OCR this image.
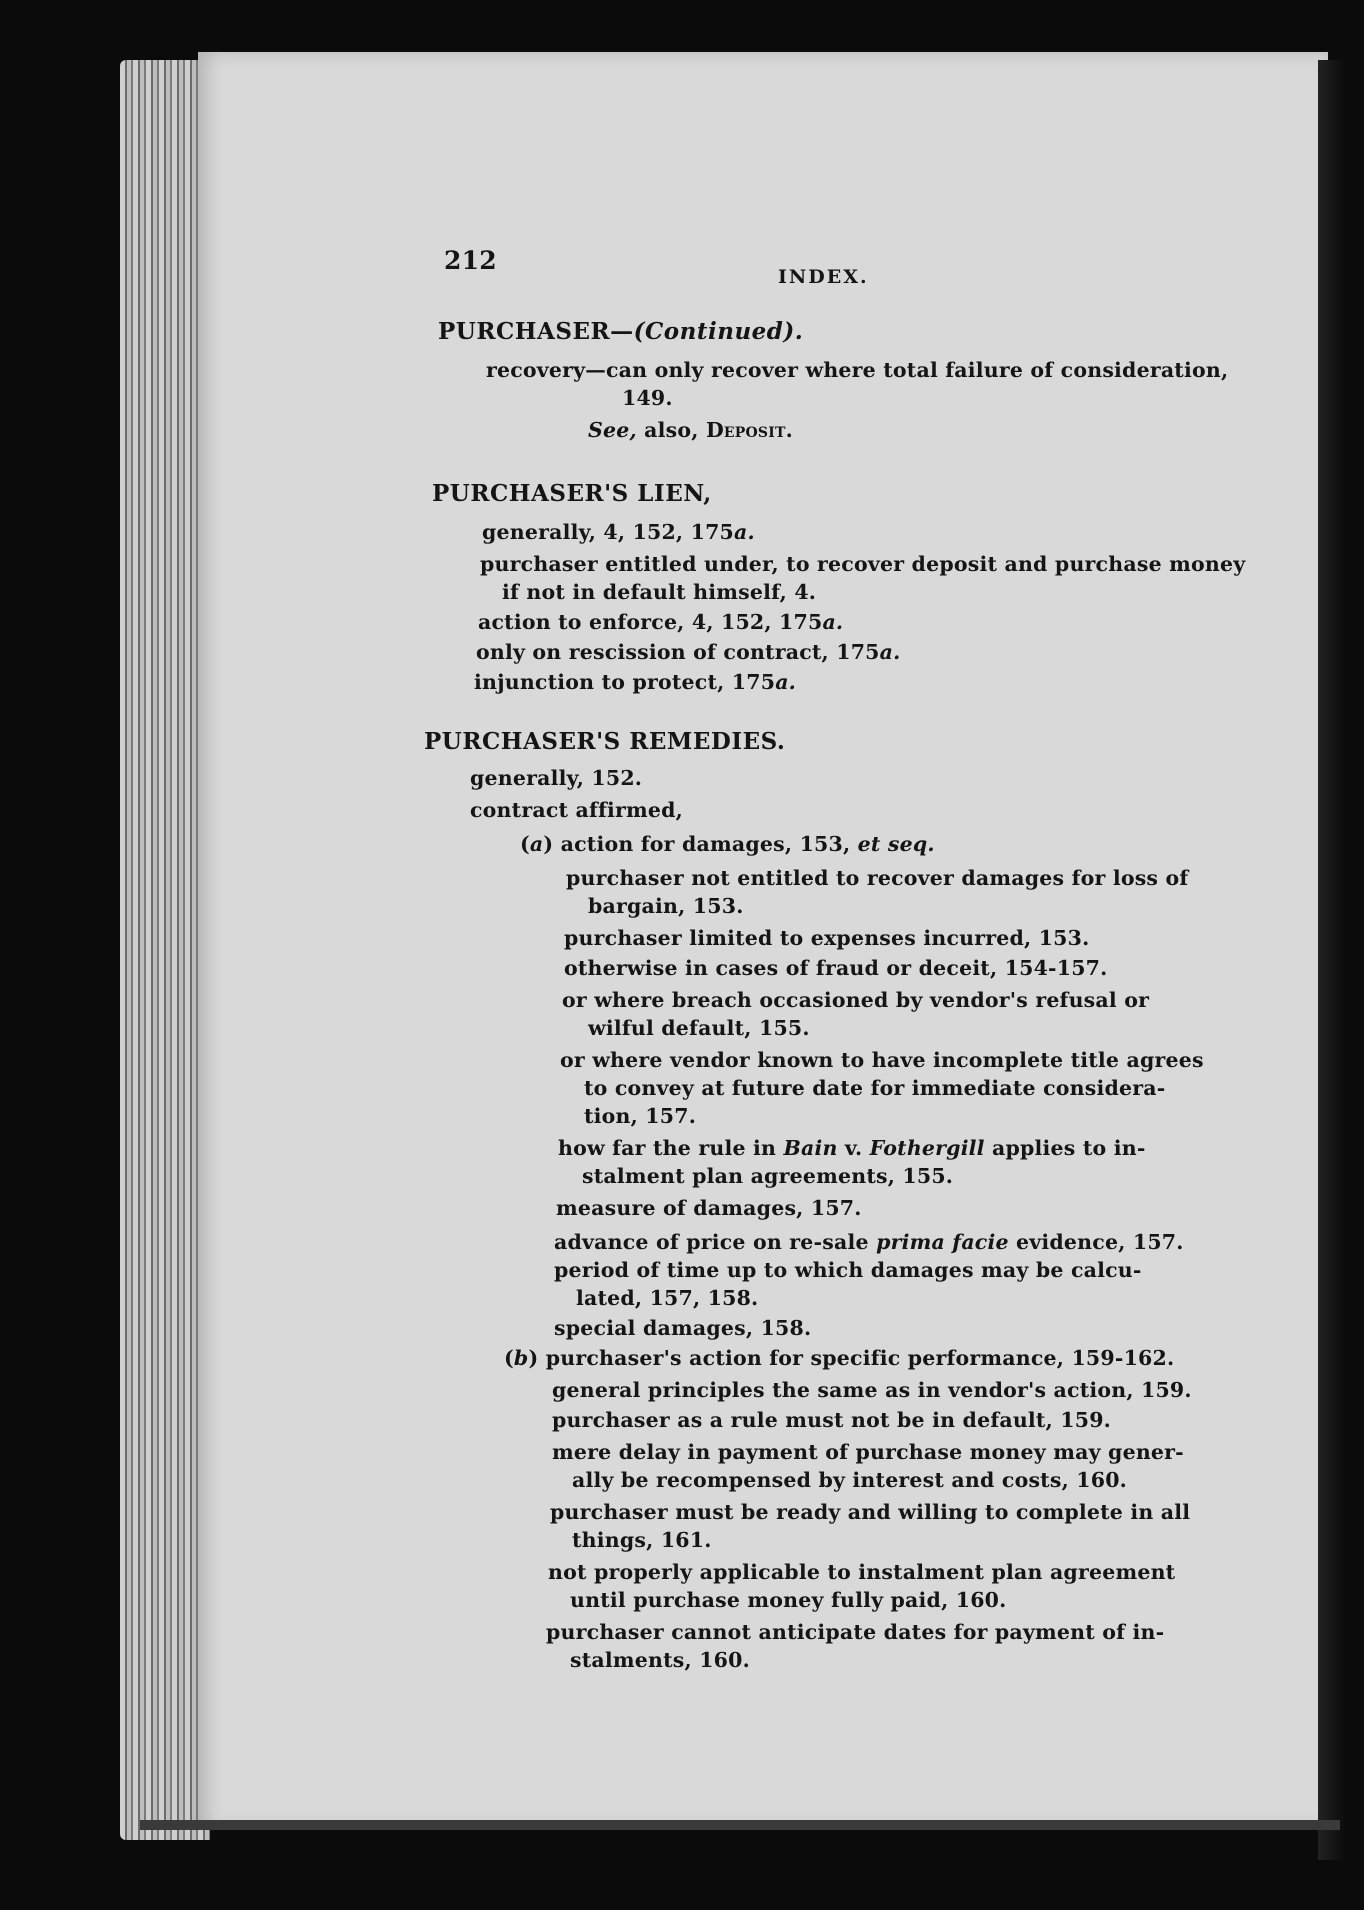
212
INDEX.
PURCHASER—(Continued).
recovery—can only recover where total failure of consideration,
149.
See, also, Deposit.
PURCHASER'S LIEN,
generally, 4, 152, 175a.
purchaser entitled under, to recover deposit and purchase money
if not in default himself, 4.
action to enforce, 4, 152, 175a.
only on rescission of contract, 175a.
injunction to protect, 175a.
PURCHASER'S REMEDIES.
generally, 152.
contract affirmed,
(a) action for damages, 153, et seq.
purchaser not entitled to recover damages for loss of
bargain, 153.
purchaser limited to expenses incurred, 153.
otherwise in cases of fraud or deceit, 154-157.
or where breach occasioned by vendor's refusal or
wilful default, 155.
or where vendor known to have incomplete title agrees
to convey at future date for immediate considera-
tion, 157.
how far the rule in Bain v. Fothergill applies to in-
stalment plan agreements, 155.
measure of damages, 157.
advance of price on re-sale prima facie evidence, 157.
period of time up to which damages may be calcu-
lated, 157, 158.
special damages, 158.
(b) purchaser's action for specific performance, 159-162.
general principles the same as in vendor's action, 159.
purchaser as a rule must not be in default, 159.
mere delay in payment of purchase money may gener-
ally be recompensed by interest and costs, 160.
purchaser must be ready and willing to complete in all
things, 161.
not properly applicable to instalment plan agreement
until purchase money fully paid, 160.
purchaser cannot anticipate dates for payment of in-
stalments, 160.
